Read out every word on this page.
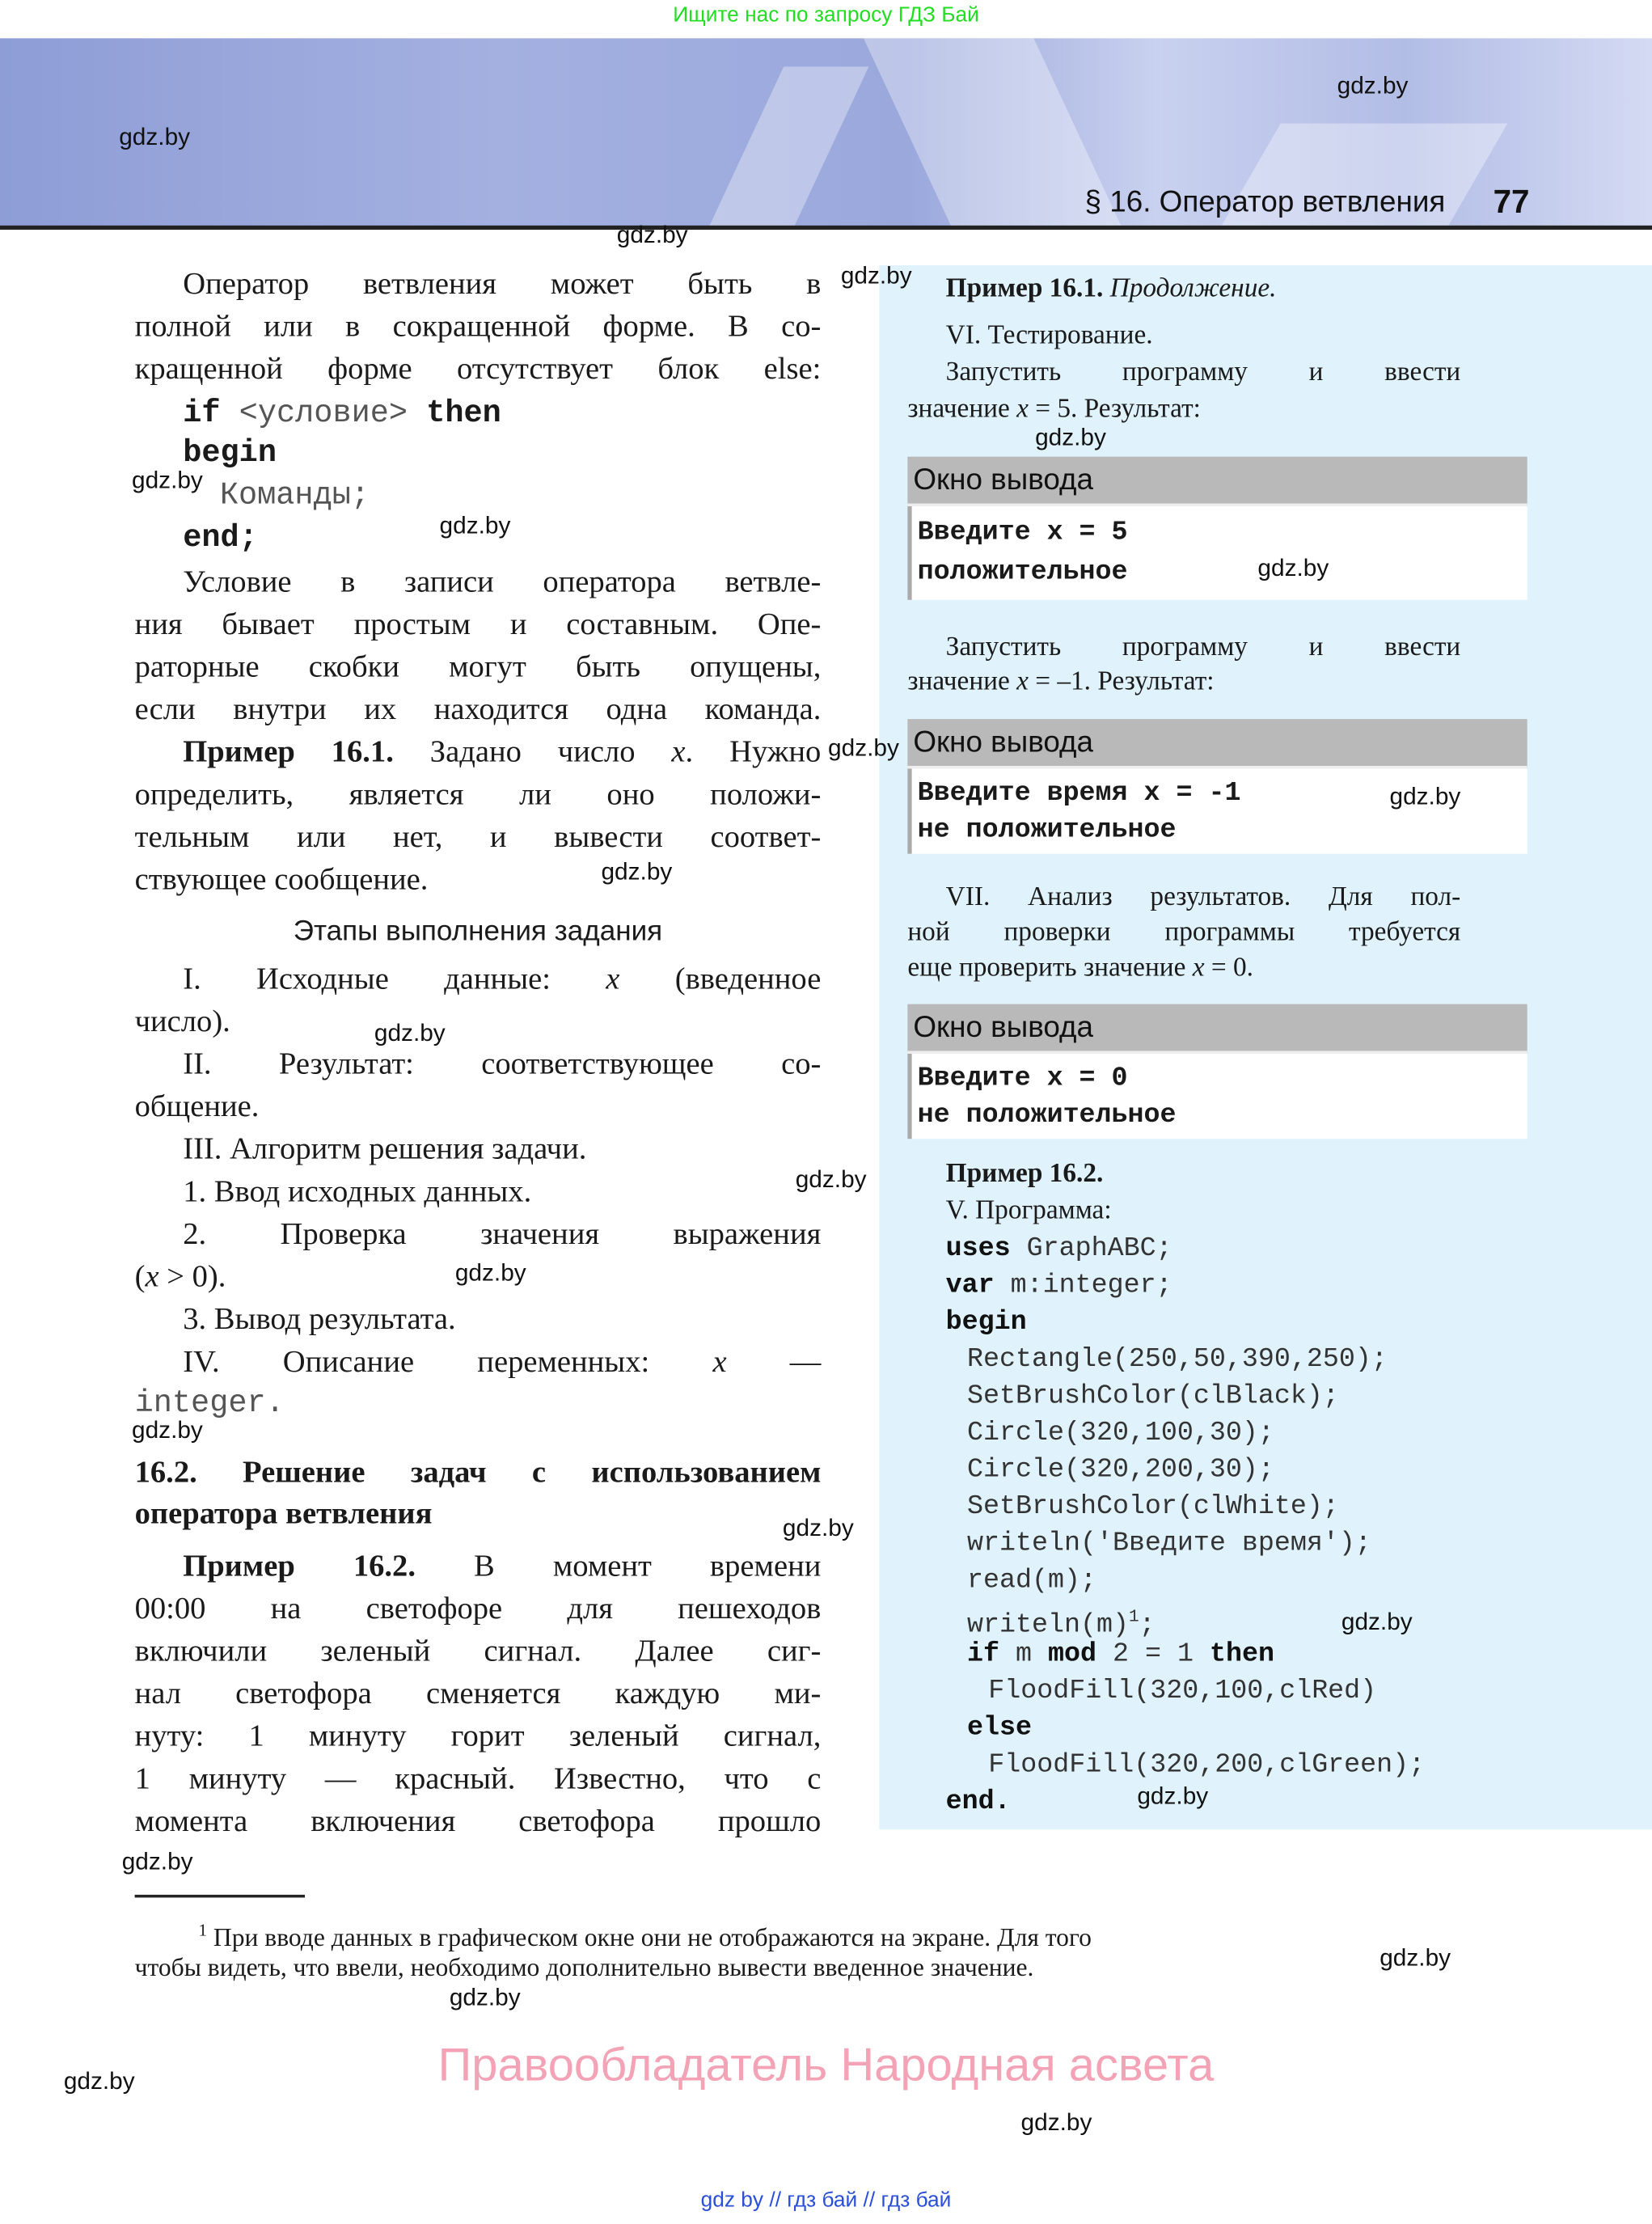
Ищите нас по запросу ГДЗ Бай
§ 16. Оператор ветвления	77
Оператор ветвления может быть в
полной или в сокращенной форме. В со-
кращенной форме отсутствует блок else:
if <условие> then
begin
Команды;
end;
Условие в записи оператора ветвле-
ния бывает простым и составным. Опе-
раторные скобки могут быть опущены,
если внутри их находится одна команда.
Пример 16.1. Задано число x. Нужно
определить, является ли оно положи-
тельным или нет, и вывести соответ-
ствующее сообщение.
Этапы выполнения задания
I. Исходные данные: x (введенное
число).
II. Результат: соответствующее со-
общение.
III. Алгоритм решения задачи.
1. Ввод исходных данных.
2. Проверка значения выражения
(x > 0).
3. Вывод результата.
IV. Описание переменных: x —
integer.
16.2. Решение задач с использованием
оператора ветвления
Пример 16.2. В момент времени
00:00 на светофоре для пешеходов
включили зеленый сигнал. Далее сиг-
нал светофора сменяется каждую ми-
нуту: 1 минуту горит зеленый сигнал,
1 минуту — красный. Известно, что с
момента включения светофора прошло
Пример 16.1. Продолжение.
VI. Тестирование.
Запустить программу и ввести
значение x = 5. Результат:
Окно вывода
Введите x = 5
положительное
Запустить программу и ввести
значение x = –1. Результат:
Окно вывода
Введите время x = -1
не положительное
VII. Анализ результатов. Для пол-
ной проверки программы требуется
еще проверить значение x = 0.
Окно вывода
Введите x = 0
не положительное
Пример 16.2.
V. Программа:
uses GraphABC;
var m:integer;
begin
Rectangle(250,50,390,250);
SetBrushColor(clBlack);
Circle(320,100,30);
Circle(320,200,30);
SetBrushColor(clWhite);
writeln('Введите время');
read(m);
$writeln(m)^1$;
if m mod 2 = 1 then
FloodFill(320,100,clRed)
else
FloodFill(320,200,clGreen);
end.
$^1$ При вводе данных в графическом окне они не отображаются на экране. Для того
чтобы видеть, что ввели, необходимо дополнительно вывести введенное значение.
Правообладатель Народная асвета
gdz by // гдз бай // гдз бай
gdz.by
gdz.by
gdz.by
gdz.by
gdz.by
gdz.by
gdz.by
gdz.by
gdz.by
gdz.by
gdz.by
gdz.by
gdz.by
gdz.by
gdz.by
gdz.by
gdz.by
gdz.by
gdz.by
gdz.by
gdz.by
gdz.by
gdz.by
